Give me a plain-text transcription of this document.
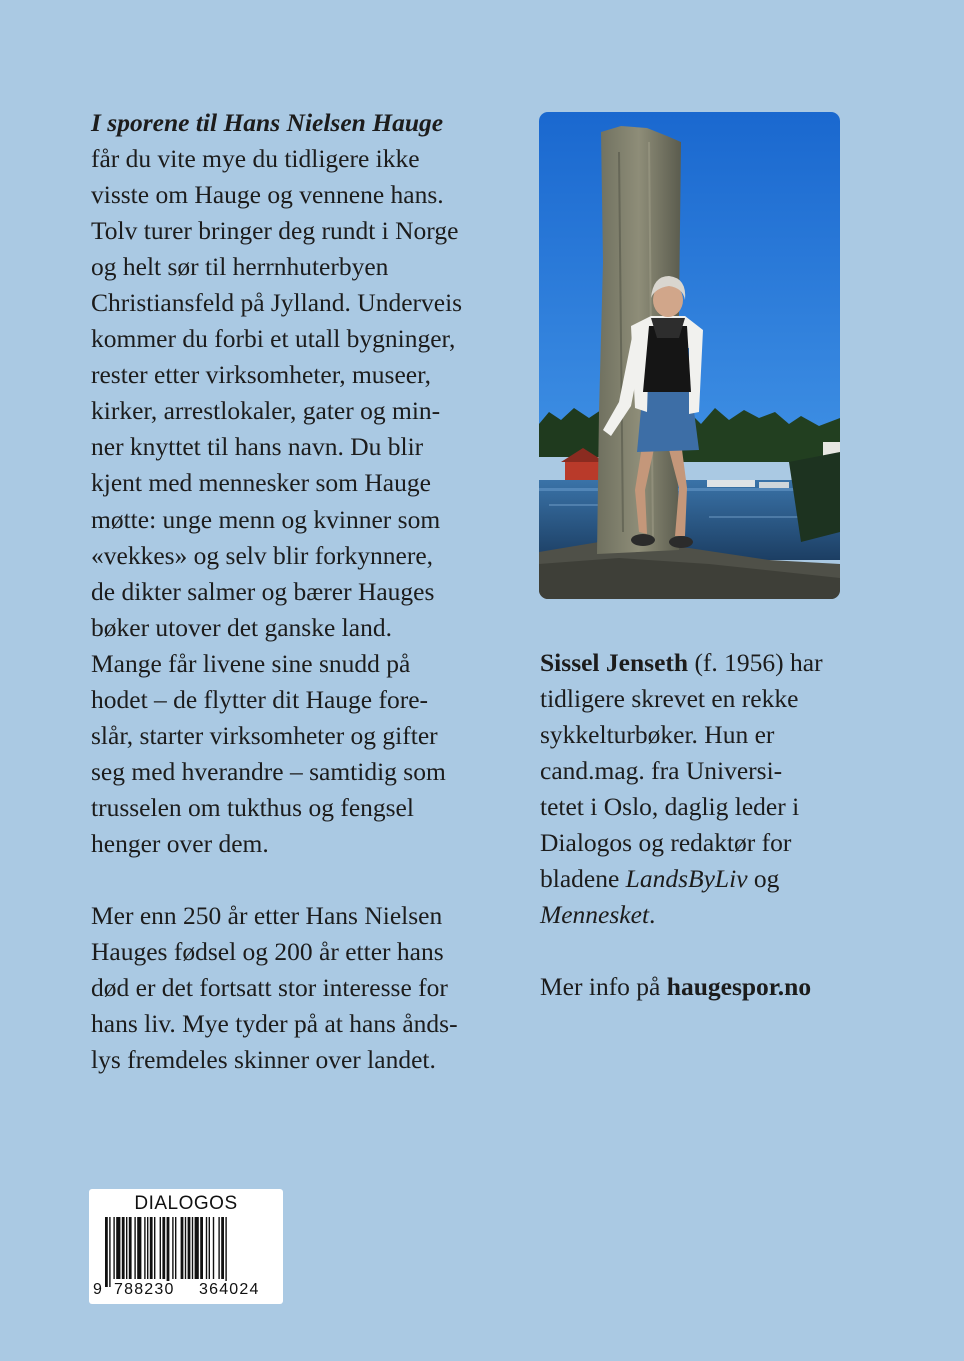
I sporene til Hans Nielsen Hauge
får du vite mye du tidligere ikke
visste om Hauge og vennene hans.
Tolv turer bringer deg rundt i Norge
og helt sør til herrnhuterbyen
Christiansfeld på Jylland. Underveis
kommer du forbi et utall bygninger,
rester etter virksomheter, museer,
kirker, arrestlokaler, gater og min-
ner knyttet til hans navn. Du blir
kjent med mennesker som Hauge
møtte: unge menn og kvinner som
«vekkes» og selv blir forkynnere,
de dikter salmer og bærer Hauges
bøker utover det ganske land.
Mange får livene sine snudd på
hodet – de flytter dit Hauge fore-
slår, starter virksomheter og gifter
seg med hverandre – samtidig som
trusselen om tukthus og fengsel
henger over dem.

Mer enn 250 år etter Hans Nielsen
Hauges fødsel og 200 år etter hans
død er det fortsatt stor interesse for
hans liv. Mye tyder på at hans ånds-
lys fremdeles skinner over landet.

Sissel Jenseth (f. 1956) har
tidligere skrevet en rekke
sykkelturbøker. Hun er
cand.mag. fra Universi-
tetet i Oslo, daglig leder i
Dialogos og redaktør for
bladene LandsByLiv og
Mennesket.

Mer info på haugespor.no

DIALOGOS
9 788230 364024
